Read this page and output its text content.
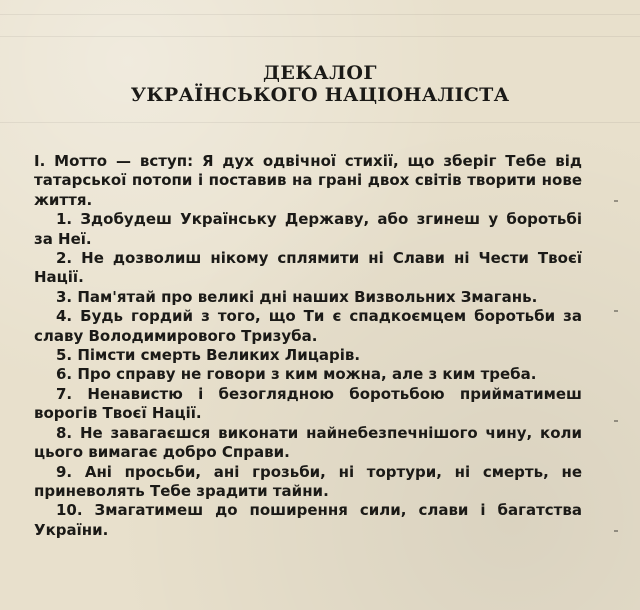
ДЕКАЛОГ

УКРАЇНСЬКОГО НАЦІОНАЛІСТА

I. Мотто — вступ: Я дух одвічної стихії, що зберіг Тебе від татарської потопи і поставив на грані двох світів творити нове життя.

1. Здобудеш Українську Державу, або згинеш у боротьбі за Неї.

2. Не дозволиш нікому сплямити ні Слави ні Чести Твоєї Нації.

3. Пам'ятай про великі дні наших Визвольних Змагань.

4. Будь гордий з того, що Ти є спадкоємцем боротьби за славу Володимирового Тризуба.

5. Пімсти смерть Великих Лицарів.

6. Про справу не говори з ким можна, але з ким треба.

7. Ненавистю і безоглядною боротьбою прийматимеш ворогів Твоєї Нації.

8. Не завагаєшся виконати найнебезпечнішого чину, коли цього вимагає добро Справи.

9. Ані просьби, ані грозьби, ні тортури, ні смерть, не приневолять Тебе зрадити тайни.

10. Змагатимеш до поширення сили, слави і багатства України.
